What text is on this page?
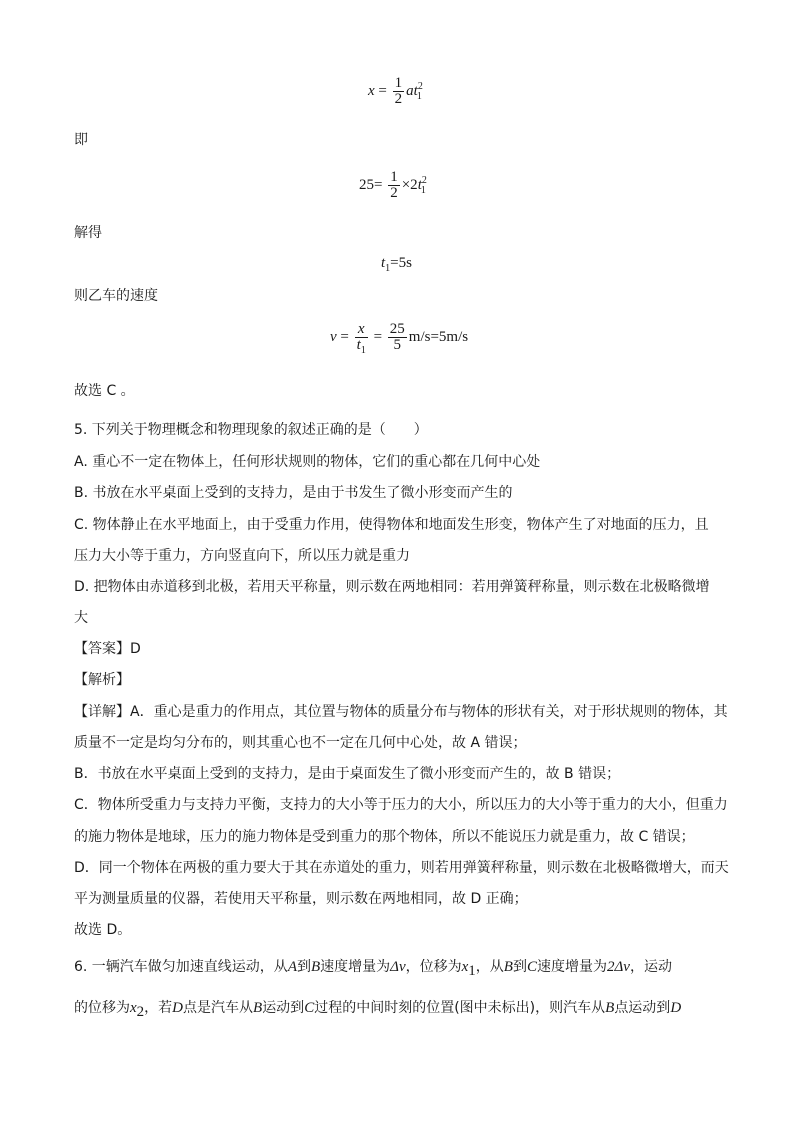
$x = \frac{1}{2} at^2_1$
即
$25= \frac{1}{2} \times 2t^2_1$
解得
$t_1=5s$
则乙车的速度
$v = \frac{x}{t_1} = \frac{25}{5} m/s=5m/s$
故选 C 。
5. 下列关于物理概念和物理现象的叙述正确的是（　　）
A. 重心不一定在物体上，任何形状规则的物体，它们的重心都在几何中心处
B. 书放在水平桌面上受到的支持力，是由于书发生了微小形变而产生的
C. 物体静止在水平地面上，由于受重力作用，使得物体和地面发生形变，物体产生了对地面的压力，且
压力大小等于重力，方向竖直向下，所以压力就是重力
D. 把物体由赤道移到北极，若用天平称量，则示数在两地相同：若用弹簧秤称量，则示数在北极略微增
大
【答案】D
【解析】
【详解】A．重心是重力的作用点，其位置与物体的质量分布与物体的形状有关，对于形状规则的物体，其
质量不一定是均匀分布的，则其重心也不一定在几何中心处，故 A 错误；
B．书放在水平桌面上受到的支持力，是由于桌面发生了微小形变而产生的，故 B 错误；
C．物体所受重力与支持力平衡，支持力的大小等于压力的大小，所以压力的大小等于重力的大小，但重力
的施力物体是地球，压力的施力物体是受到重力的那个物体，所以不能说压力就是重力，故 C 错误；
D．同一个物体在两极的重力要大于其在赤道处的重力，则若用弹簧秤称量，则示数在北极略微增大，而天
平为测量质量的仪器，若使用天平称量，则示数在两地相同，故 D 正确；
故选 D。
6. 一辆汽车做匀加速直线运动，从A到B速度增量为Δv，位移为$x_1$，从B到C速度增量为2Δv，运动
的位移为$x_2$，若D点是汽车从B运动到C过程的中间时刻的位置(图中未标出)，则汽车从B点运动到D
